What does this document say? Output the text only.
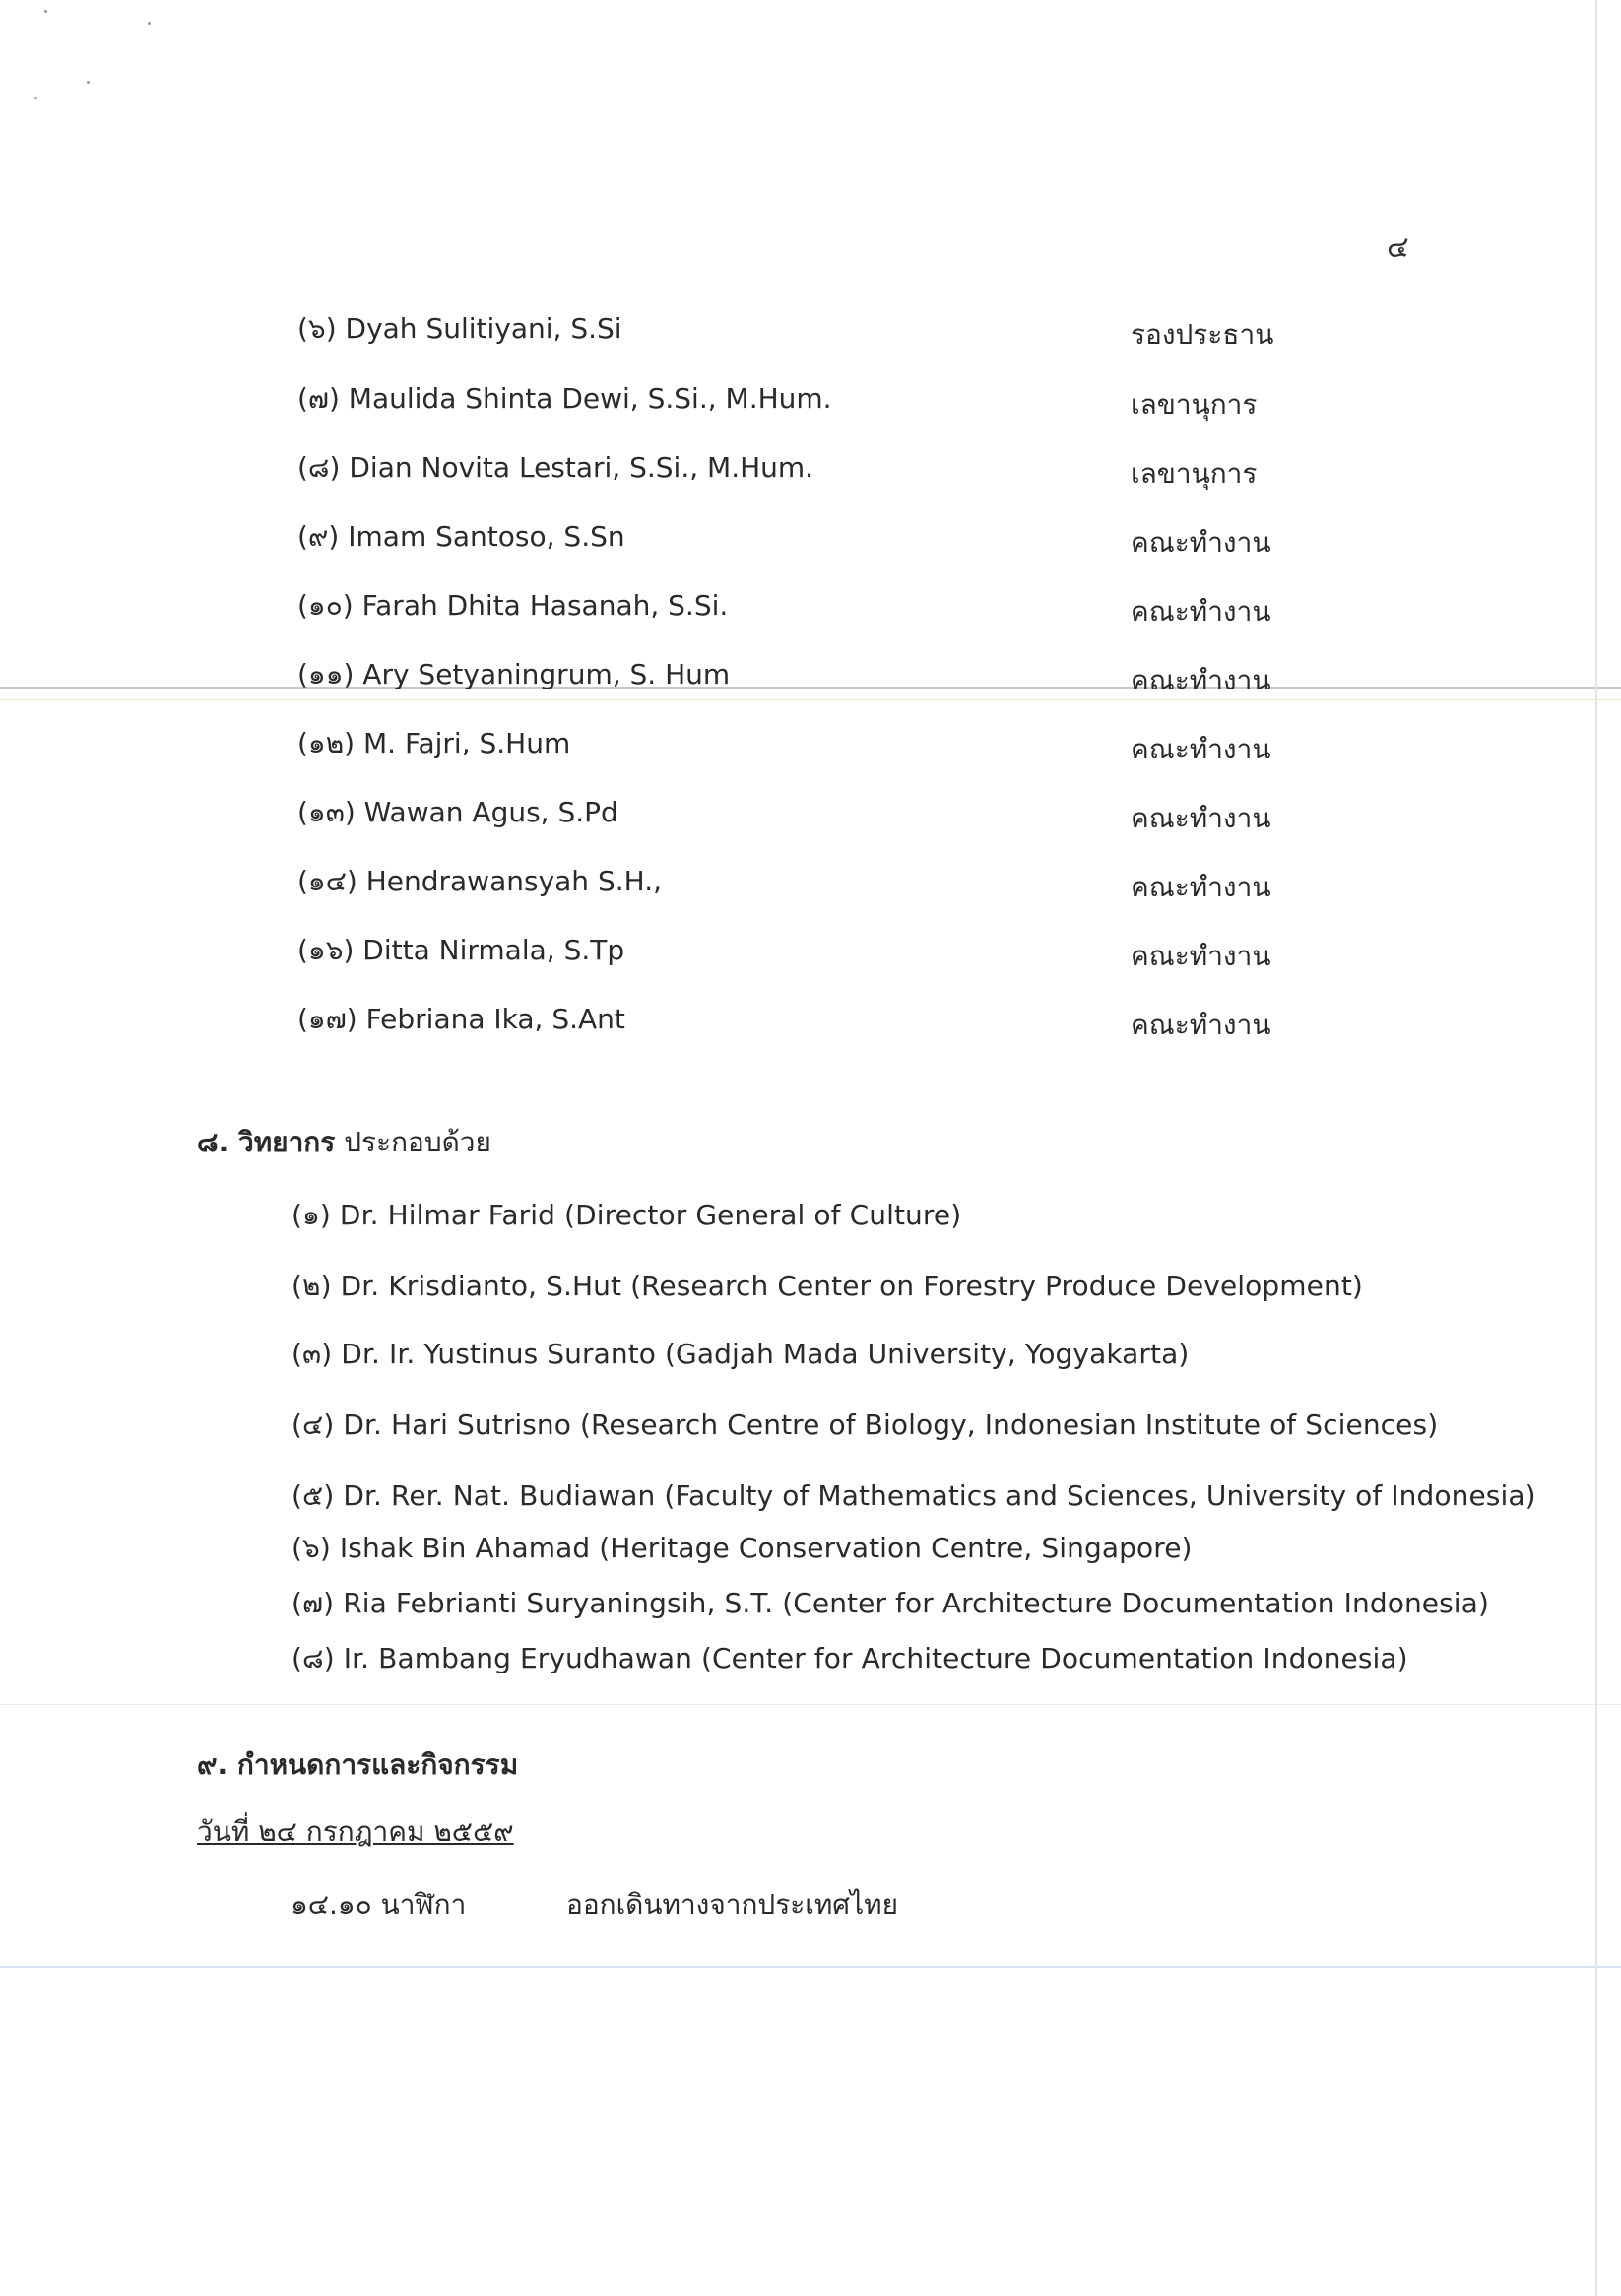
๔
(๖) Dyah Sulitiyani, S.Si	รองประธาน
(๗) Maulida Shinta Dewi, S.Si., M.Hum.	เลขานุการ
(๘) Dian Novita Lestari, S.Si., M.Hum.	เลขานุการ
(๙) Imam Santoso, S.Sn	คณะทำงาน
(๑๐) Farah Dhita Hasanah, S.Si.	คณะทำงาน
(๑๑) Ary Setyaningrum, S. Hum	คณะทำงาน
(๑๒) M. Fajri, S.Hum	คณะทำงาน
(๑๓) Wawan Agus, S.Pd	คณะทำงาน
(๑๔) Hendrawansyah S.H.,	คณะทำงาน
(๑๖) Ditta Nirmala, S.Tp	คณะทำงาน
(๑๗) Febriana Ika, S.Ant	คณะทำงาน
๘. วิทยากร ประกอบด้วย
(๑) Dr. Hilmar Farid (Director General of Culture)
(๒) Dr. Krisdianto, S.Hut (Research Center on Forestry Produce Development)
(๓) Dr. Ir. Yustinus Suranto (Gadjah Mada University, Yogyakarta)
(๔) Dr. Hari Sutrisno (Research Centre of Biology, Indonesian Institute of Sciences)
(๕) Dr. Rer. Nat. Budiawan (Faculty of Mathematics and Sciences, University of Indonesia)
(๖) Ishak Bin Ahamad (Heritage Conservation Centre, Singapore)
(๗) Ria Febrianti Suryaningsih, S.T. (Center for Architecture Documentation Indonesia)
(๘) Ir. Bambang Eryudhawan (Center for Architecture Documentation Indonesia)
๙. กำหนดการและกิจกรรม
วันที่ ๒๔ กรกฎาคม ๒๕๕๙
๑๔.๑๐ นาฬิกา	ออกเดินทางจากประเทศไทย
